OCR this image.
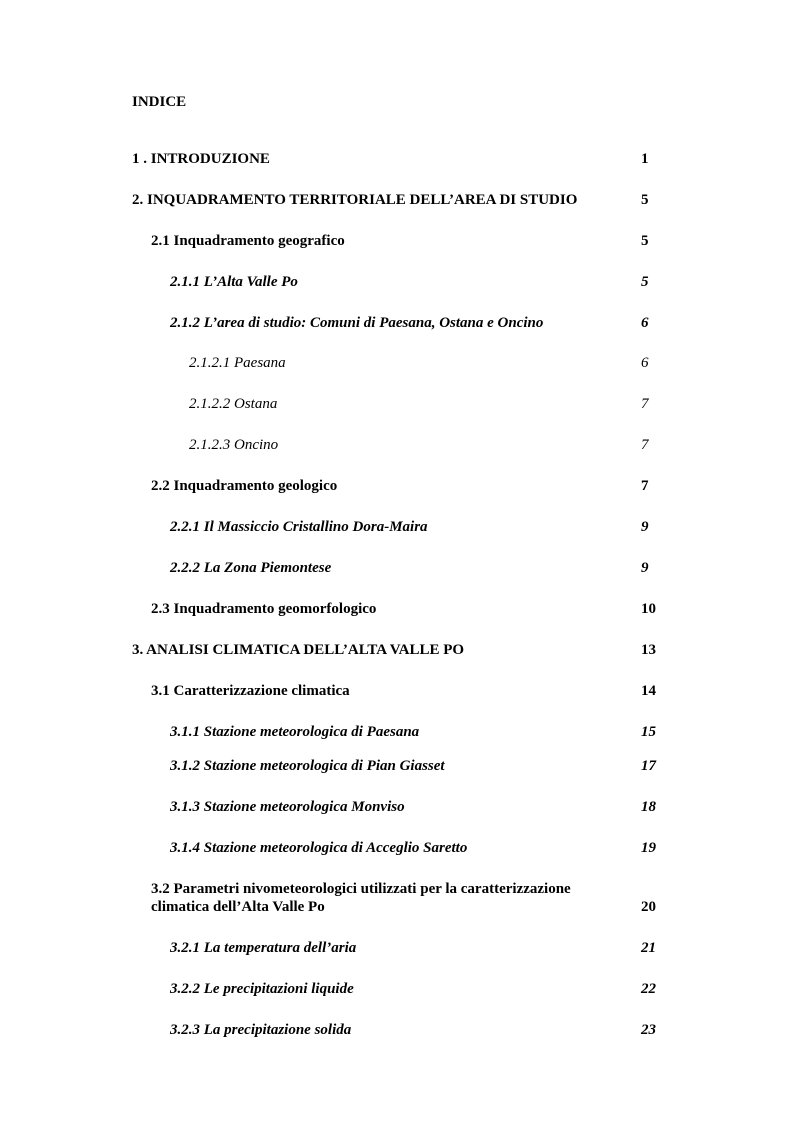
INDICE
1 . INTRODUZIONE	1
2. INQUADRAMENTO TERRITORIALE DELL’AREA DI STUDIO	5
2.1 Inquadramento geografico	5
2.1.1 L’Alta Valle Po	5
2.1.2 L’area di studio: Comuni di Paesana, Ostana e Oncino	6
2.1.2.1 Paesana	6
2.1.2.2 Ostana	7
2.1.2.3 Oncino	7
2.2 Inquadramento geologico	7
2.2.1 Il Massiccio Cristallino Dora-Maira	9
2.2.2 La Zona Piemontese	9
2.3 Inquadramento geomorfologico	10
3. ANALISI CLIMATICA DELL’ALTA VALLE PO	13
3.1 Caratterizzazione climatica	14
3.1.1 Stazione meteorologica di Paesana	15
3.1.2 Stazione meteorologica di Pian Giasset	17
3.1.3 Stazione meteorologica Monviso	18
3.1.4 Stazione meteorologica di Acceglio Saretto	19
3.2 Parametri nivometeorologici utilizzati per la caratterizzazione climatica dell’Alta Valle Po	20
3.2.1 La temperatura dell’aria	21
3.2.2 Le precipitazioni liquide	22
3.2.3 La precipitazione solida	23
